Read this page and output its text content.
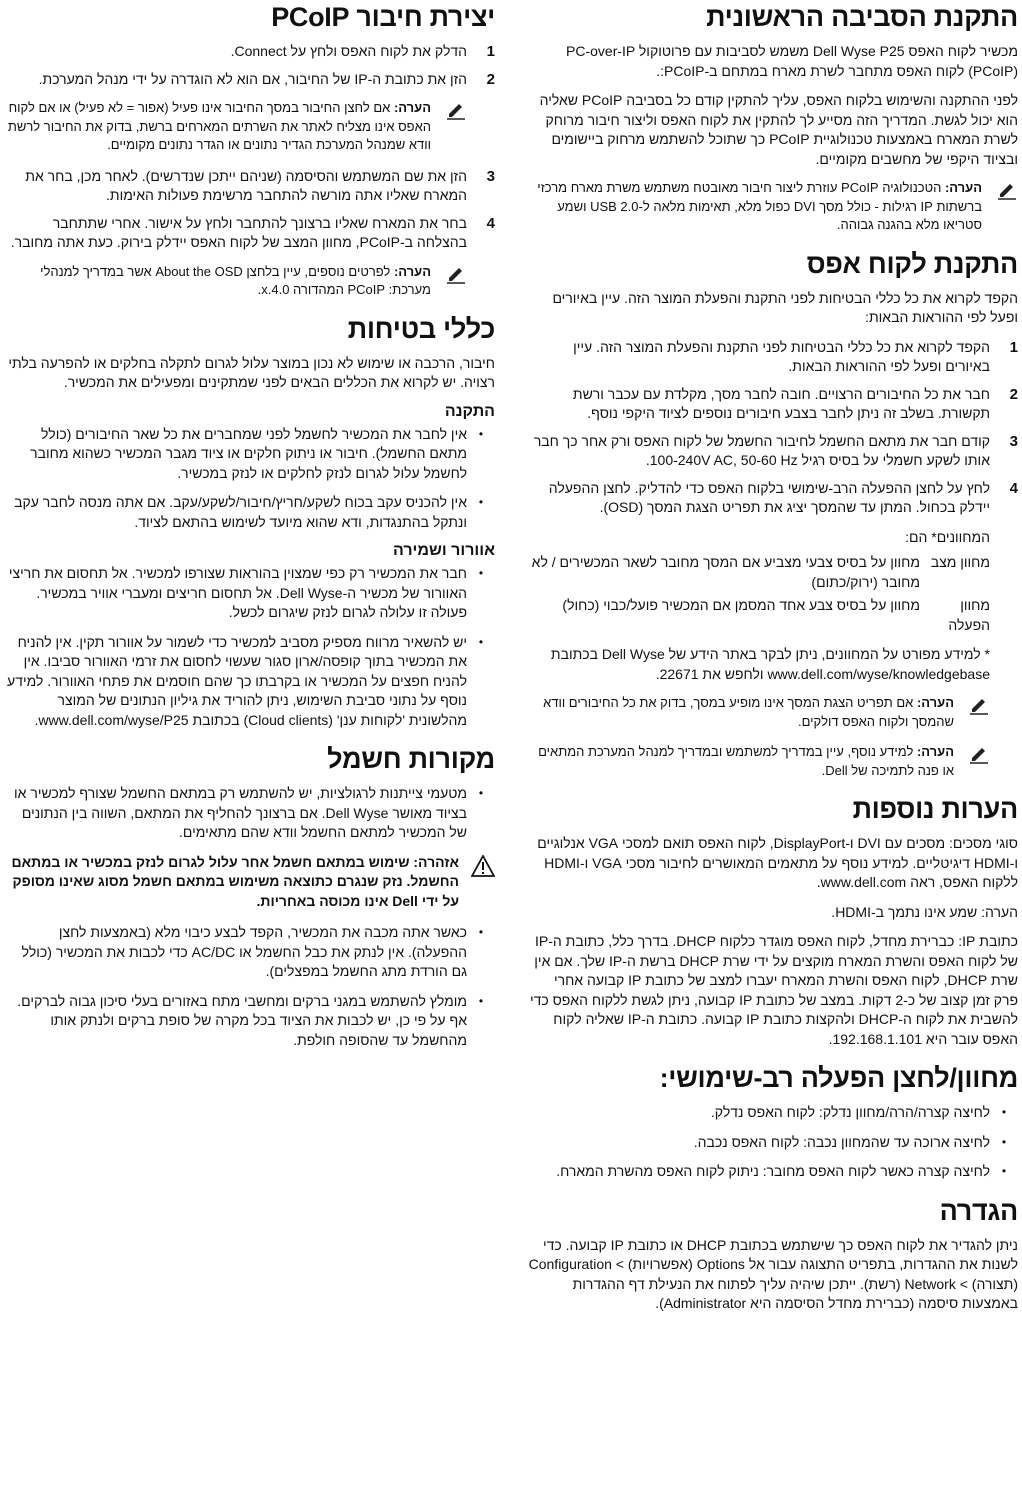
התקנת הסביבה הראשונית

מכשיר לקוח האפס Dell Wyse P25 משמש לסביבות עם פרוטוקול PC-over-IP (PCoIP) לקוח האפס מתחבר לשרת מארח במתחם ב-PCoIP:.

לפני ההתקנה והשימוש בלקוח האפס, עליך להתקין קודם כל בסביבה PCoIP שאליה הוא יכול לגשת. המדריך הזה מסייע לך להתקין את לקוח האפס וליצור חיבור מרוחק לשרת המארח באמצעות טכנולוגיית PCoIP כך שתוכל להשתמש מרחוק ביישומים ובציוד היקפי של מחשבים מקומיים.

הערה: הטכנולוגיה PCoIP עוזרת ליצור חיבור מאובטח משתמש משרת מארח מרכזי ברשתות IP רגילות - כולל מסך DVI כפול מלא, תאימות מלאה ל-USB 2.0 ושמע סטריאו מלא בהגנה גבוהה.
התקנת לקוח אפס

הקפד לקרוא את כל כללי הבטיחות לפני התקנת והפעלת המוצר הזה. עיין באיורים ופעל לפי ההוראות הבאות:

1
הקפד לקרוא את כל כללי הבטיחות לפני התקנת והפעלת המוצר הזה. עיין באיורים ופעל לפי ההוראות הבאות.
2
חבר את כל החיבורים הרצויים. חובה לחבר מסך, מקלדת עם עכבר ורשת תקשורת. בשלב זה ניתן לחבר בצבע חיבורים נוספים לציוד היקפי נוסף.
3
קודם חבר את מתאם החשמל לחיבור החשמל של לקוח האפס ורק אחר כך חבר אותו לשקע חשמלי על בסיס רגיל 100-240V AC, 50-60 Hz.
4
לחץ על לחצן ההפעלה הרב-שימושי בלקוח האפס כדי להדליק. לחצן ההפעלה יידלק בכחול. המתן עד שהמסך יציג את תפריט הצגת המסך (OSD).
המחוונים* הם:
מחוון מצב
מחוון על בסיס צבעי מצביע אם המסך מחובר לשאר המכשירים / לא מחובר (ירוק/כתום)
מחוון הפעלה
מחוון על בסיס צבע אחד המסמן אם המכשיר פועל/כבוי (כחול)
* למידע מפורט על המחוונים, ניתן לבקר באתר הידע של Dell Wyse בכתובת www.dell.com/wyse/knowledgebase ולחפש את 22671.
הערה: אם תפריט הצגת המסך אינו מופיע במסך, בדוק את כל החיבורים וודא שהמסך ולקוח האפס דולקים.
הערה: למידע נוסף, עיין במדריך למשתמש ובמדריך למנהל המערכת המתאים או פנה לתמיכה של Dell.
הערות נוספות

סוגי מסכים: מסכים עם DVI ו-DisplayPort, לקוח האפס תואם למסכי VGA אנלוגיים ו-HDMI דיגיטליים. למידע נוסף על מתאמים המאושרים לחיבור מסכי VGA ו-HDMI ללקוח האפס, ראה www.dell.com.

הערה: שמע אינו נתמך ב-HDMI.

כתובת IP: כברירת מחדל, לקוח האפס מוגדר כלקוח DHCP. בדרך כלל, כתובת ה-IP של לקוח האפס והשרת המארח מוקצים על ידי שרת DHCP ברשת ה-IP שלך. אם אין שרת DHCP, לקוח האפס והשרת המארח יעברו למצב של כתובת IP קבועה אחרי פרק זמן קצוב של כ-2 דקות. במצב של כתובת IP קבועה, ניתן לגשת ללקוח האפס כדי להשבית את לקוח ה-DHCP ולהקצות כתובת IP קבועה. כתובת ה-IP שאליה לקוח האפס עובר היא 192.168.1.101.

מחוון/לחצן הפעלה רב-שימושי:
•
לחיצה קצרה/הרה/מחוון נדלק: לקוח האפס נדלק.
•
לחיצה ארוכה עד שהמחוון נכבה: לקוח האפס נכבה.
•
לחיצה קצרה כאשר לקוח האפס מחובר: ניתוק לקוח האפס מהשרת המארח.
הגדרה

ניתן להגדיר את לקוח האפס כך שישתמש בכתובת DHCP או כתובת IP קבועה. כדי לשנות את ההגדרות, בתפריט התצוגה עבור אל Options (אפשרויות) > Configuration (תצורה) > Network (רשת). ייתכן שיהיה עליך לפתוח את הנעילת דף ההגדרות באמצעות סיסמה (כברירת מחדל הסיסמה היא Administrator).

יצירת חיבור PCoIP
1
הדלק את לקוח האפס ולחץ על Connect.
2
הזן את כתובת ה-IP של החיבור, אם הוא לא הוגדרה על ידי מנהל המערכת.
הערה: אם לחצן החיבור במסך החיבור אינו פעיל (אפור = לא פעיל) או אם לקוח האפס אינו מצליח לאתר את השרתים המארחים ברשת, בדוק את החיבור לרשת וודא שמנהל המערכת הגדיר נתונים או הגדר נתונים מקומיים.
3
הזן את שם המשתמש והסיסמה (שניהם ייתכן שנדרשים). לאחר מכן, בחר את המארח שאליו אתה מורשה להתחבר מרשימת פעולות האימות.
4
בחר את המארח שאליו ברצונך להתחבר ולחץ על אישור. אחרי שתתחבר בהצלחה ב-PCoIP, מחוון המצב של לקוח האפס יידלק בירוק. כעת אתה מחובר.
הערה: לפרטים נוספים, עיין בלחצן About the OSD אשר במדריך למנהלי מערכת: PCoIP המהדורה 4.0.x.
כללי בטיחות

חיבור, הרכבה או שימוש לא נכון במוצר עלול לגרום לתקלה בחלקים או להפרעה בלתי רצויה. יש לקרוא את הכללים הבאים לפני שמתקינים ומפעילים את המכשיר.

התקנה
•
אין לחבר את המכשיר לחשמל לפני שמחברים את כל שאר החיבורים (כולל מתאם החשמל). חיבור או ניתוק חלקים או ציוד מגבר המכשיר כשהוא מחובר לחשמל עלול לגרום לנזק לחלקים או לנזק במכשיר.
•
אין להכניס עקב בכוח לשקע/חריץ/חיבור/לשקע/עקב. אם אתה מנסה לחבר עקב ונתקל בהתנגדות, ודא שהוא מיועד לשימוש בהתאם לציוד.
אוורור ושמירה
•
חבר את המכשיר רק כפי שמצוין בהוראות שצורפו למכשיר. אל תחסום את חריצי האוורור של מכשיר ה-Dell Wyse. אל תחסום חריצים ומעברי אוויר במכשיר. פעולה זו עלולה לגרום לנזק שיגרום לכשל.
•
יש להשאיר מרווח מספיק מסביב למכשיר כדי לשמור על אוורור תקין. אין להניח את המכשיר בתוך קופסה/ארון סגור שעשוי לחסום את זרמי האוורור סביבו. אין להניח חפצים על המכשיר או בקרבתו כך שהם חוסמים את פתחי האוורור. למידע נוסף על נתוני סביבת השימוש, ניתן להוריד את גיליון הנתונים של המוצר מהלשונית 'לקוחות ענן' (Cloud clients) בכתובת www.dell.com/wyse/P25.
מקורות חשמל
•
מטעמי צייתנות לרגולציות, יש להשתמש רק במתאם החשמל שצורף למכשיר או בציוד מאושר Dell Wyse. אם ברצונך להחליף את המתאם, השווה בין הנתונים של המכשיר למתאם החשמל וודא שהם מתאימים.
אזהרה: שימוש במתאם חשמל אחר עלול לגרום לנזק במכשיר או במתאם החשמל. נזק שנגרם כתוצאה משימוש במתאם חשמל מסוג שאינו מסופק על ידי Dell אינו מכוסה באחריות.
•
כאשר אתה מכבה את המכשיר, הקפד לבצע כיבוי מלא (באמצעות לחצן ההפעלה). אין לנתק את כבל החשמל או AC/DC כדי לכבות את המכשיר (כולל גם הורדת מתג החשמל במפצלים).
•
מומלץ להשתמש במגני ברקים ומחשבי מתח באזורים בעלי סיכון גבוה לברקים. אף על פי כן, יש לכבות את הציוד בכל מקרה של סופת ברקים ולנתק אותו מהחשמל עד שהסופה חולפת.
